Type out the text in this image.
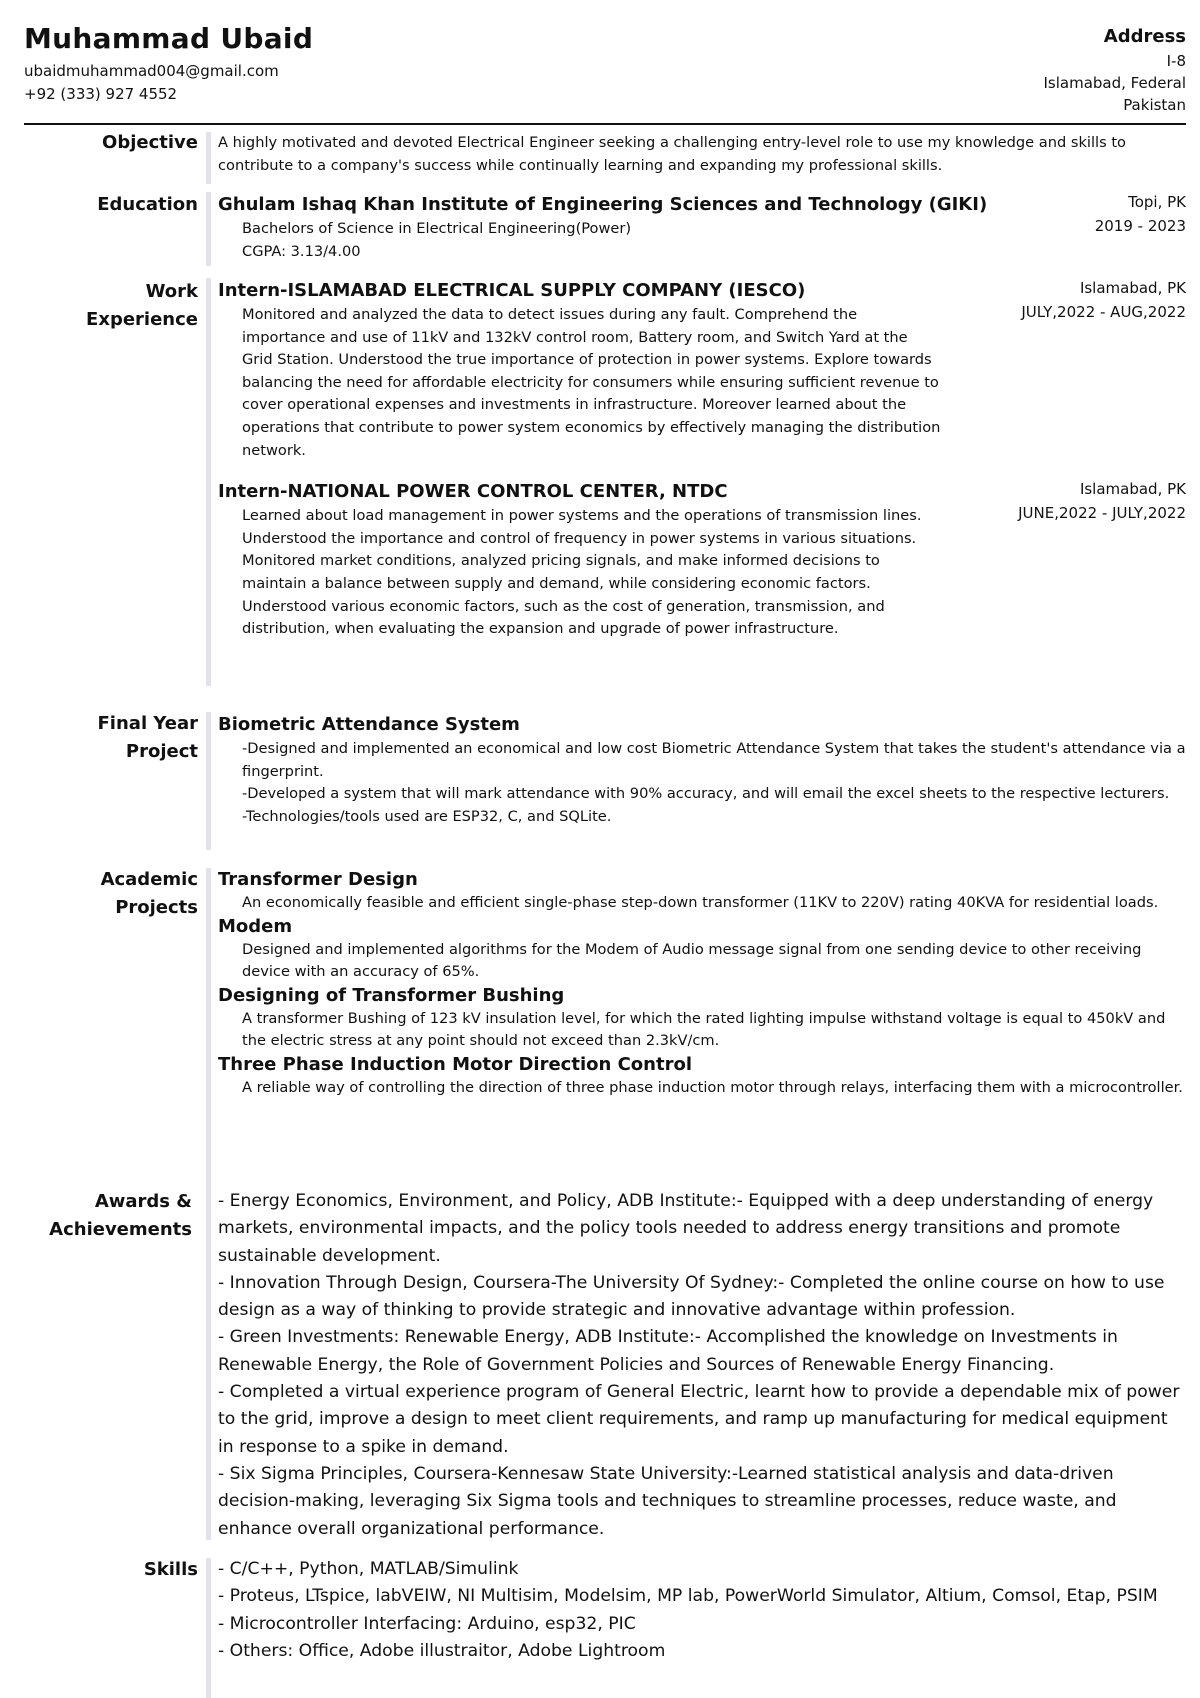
Muhammad Ubaid
ubaidmuhammad004@gmail.com
+92 (333) 927 4552
Address
I-8
Islamabad, Federal
Pakistan
Objective A highly motivated and devoted Electrical Engineer seeking a challenging entry-level role to use my knowledge and skills to contribute to a company's success while continually learning and expanding my professional skills.
Education Ghulam Ishaq Khan Institute of Engineering Sciences and Technology (GIKI)	Topi, PK
2019 - 2023
Bachelors of Science in Electrical Engineering(Power)
CGPA: 3.13/4.00
Work
Experience
Intern-ISLAMABAD ELECTRICAL SUPPLY COMPANY (IESCO)	Islamabad, PK
JULY,2022 - AUG,2022
Monitored and analyzed the data to detect issues during any fault. Comprehend the importance and use of 11kV and 132kV control room, Battery room, and Switch Yard at the Grid Station. Understood the true importance of protection in power systems. Explore towards balancing the need for affordable electricity for consumers while ensuring sufficient revenue to cover operational expenses and investments in infrastructure. Moreover learned about the operations that contribute to power system economics by effectively managing the distribution network.
Intern-NATIONAL POWER CONTROL CENTER, NTDC	Islamabad, PK
JUNE,2022 - JULY,2022
Learned about load management in power systems and the operations of transmission lines. Understood the importance and control of frequency in power systems in various situations. Monitored market conditions, analyzed pricing signals, and make informed decisions to maintain a balance between supply and demand, while considering economic factors. Understood various economic factors, such as the cost of generation, transmission, and distribution, when evaluating the expansion and upgrade of power infrastructure.
Final Year
Project
Biometric Attendance System
-Designed and implemented an economical and low cost Biometric Attendance System that takes the student's attendance via a fingerprint.
-Developed a system that will mark attendance with 90% accuracy, and will email the excel sheets to the respective lecturers.
-Technologies/tools used are ESP32, C, and SQLite.
Academic
Projects
Transformer Design
An economically feasible and efficient single-phase step-down transformer (11KV to 220V) rating 40KVA for residential loads.
Modem
Designed and implemented algorithms for the Modem of Audio message signal from one sending device to other receiving device with an accuracy of 65%.
Designing of Transformer Bushing
A transformer Bushing of 123 kV insulation level, for which the rated lighting impulse withstand voltage is equal to 450kV and the electric stress at any point should not exceed than 2.3kV/cm.
Three Phase Induction Motor Direction Control
A reliable way of controlling the direction of three phase induction motor through relays, interfacing them with a microcontroller.
Awards &
Achievements
- Energy Economics, Environment, and Policy, ADB Institute:- Equipped with a deep understanding of energy markets, environmental impacts, and the policy tools needed to address energy transitions and promote sustainable development.
- Innovation Through Design, Coursera-The University Of Sydney:- Completed the online course on how to use design as a way of thinking to provide strategic and innovative advantage within profession.
- Green Investments: Renewable Energy, ADB Institute:- Accomplished the knowledge on Investments in Renewable Energy, the Role of Government Policies and Sources of Renewable Energy Financing.
- Completed a virtual experience program of General Electric, learnt how to provide a dependable mix of power to the grid, improve a design to meet client requirements, and ramp up manufacturing for medical equipment in response to a spike in demand.
- Six Sigma Principles, Coursera-Kennesaw State University:-Learned statistical analysis and data-driven decision-making, leveraging Six Sigma tools and techniques to streamline processes, reduce waste, and enhance overall organizational performance.
Skills - C/C++, Python, MATLAB/Simulink
- Proteus, LTspice, labVEIW, NI Multisim, Modelsim, MP lab, PowerWorld Simulator, Altium, Comsol, Etap, PSIM
- Microcontroller Interfacing: Arduino, esp32, PIC
- Others: Office, Adobe illustraitor, Adobe Lightroom
